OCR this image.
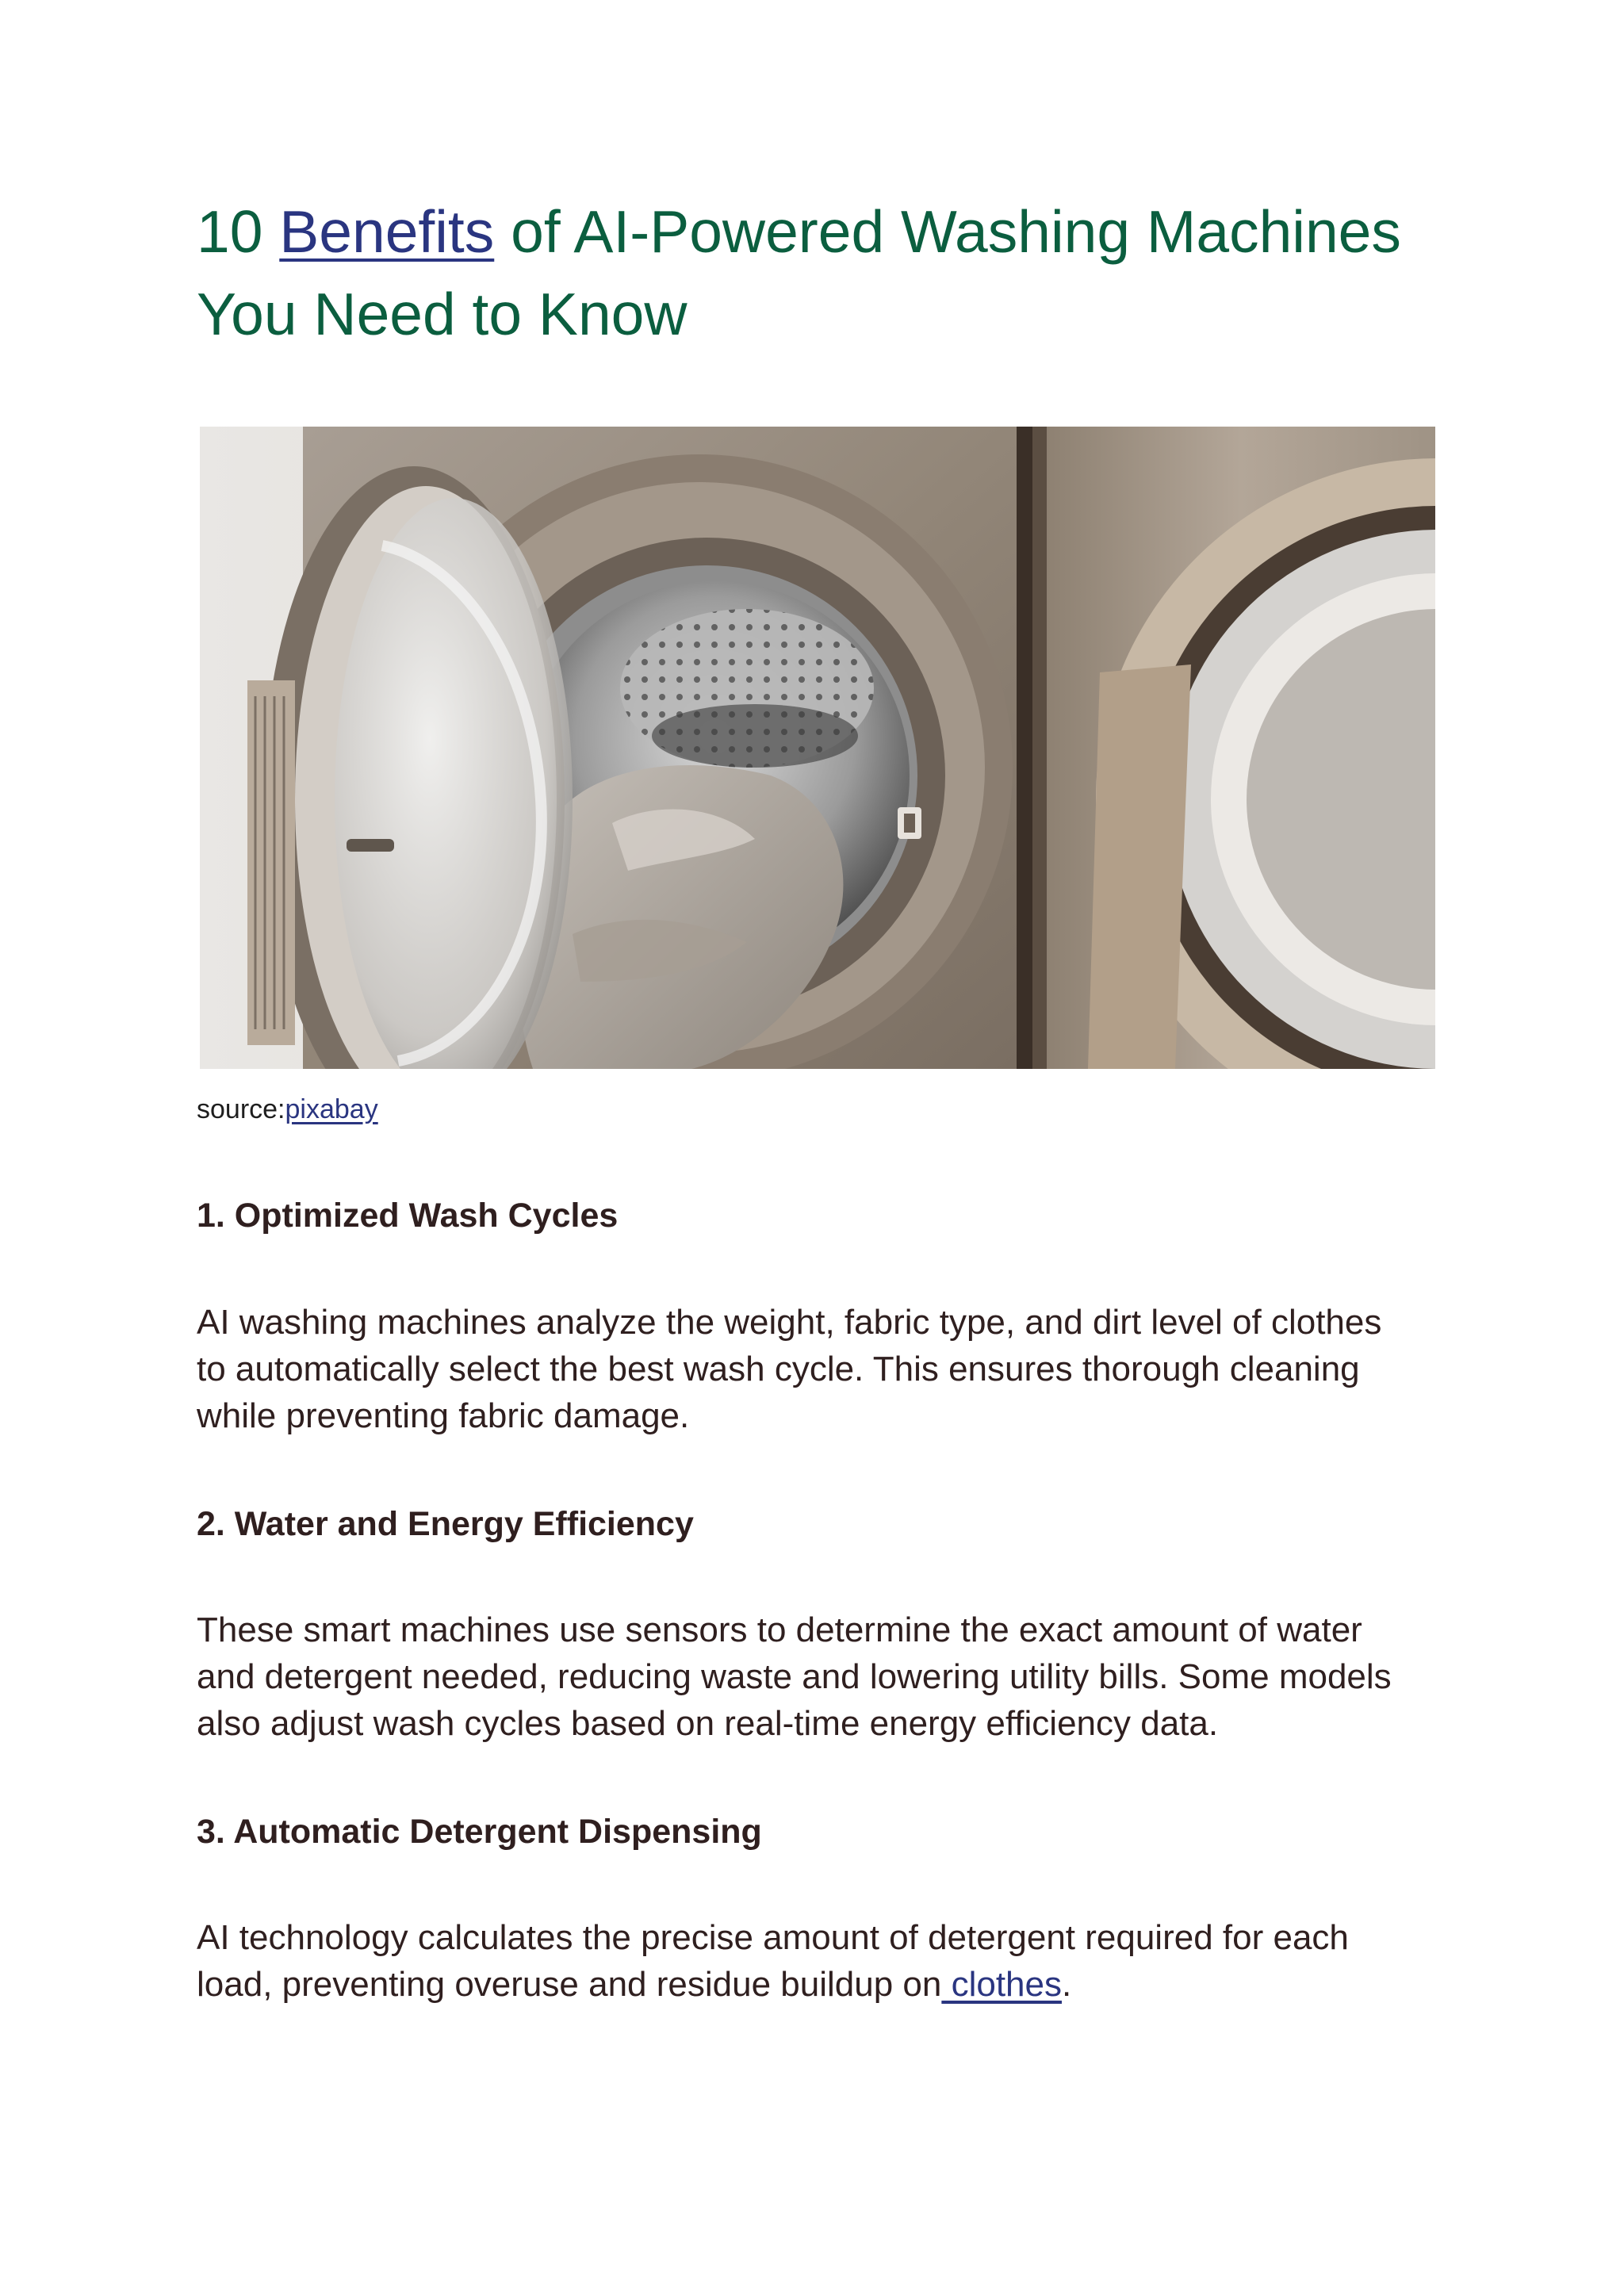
10 Benefits of AI-Powered Washing Machines
You Need to Know
source:pixabay
1. Optimized Wash Cycles

AI washing machines analyze the weight, fabric type, and dirt level of clothes
to automatically select the best wash cycle. This ensures thorough cleaning
while preventing fabric damage.

2. Water and Energy Efficiency

These smart machines use sensors to determine the exact amount of water
and detergent needed, reducing waste and lowering utility bills. Some models
also adjust wash cycles based on real-time energy efficiency data.

3. Automatic Detergent Dispensing

AI technology calculates the precise amount of detergent required for each
load, preventing overuse and residue buildup on clothes.
